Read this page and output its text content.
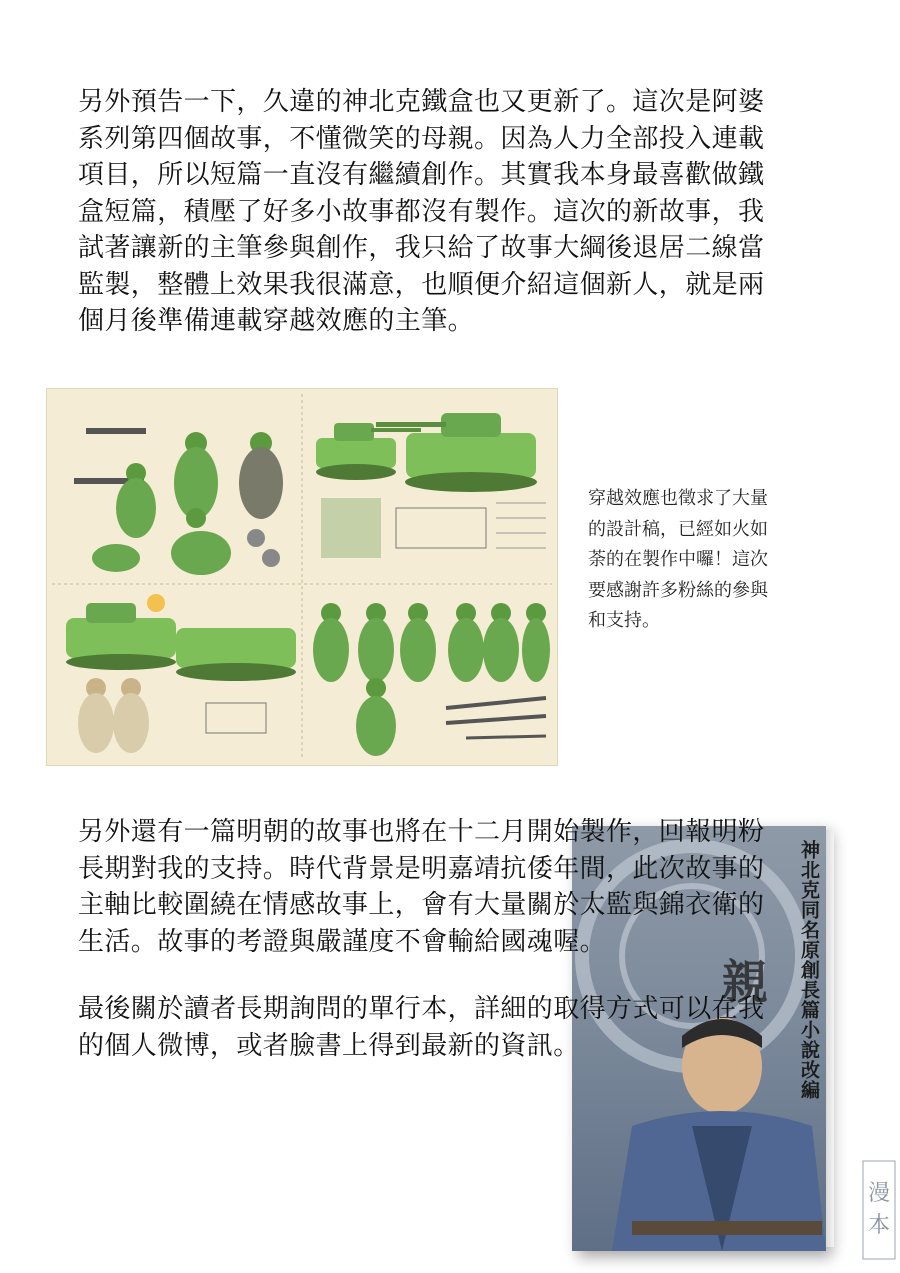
另外預告一下，久違的神北克鐵盒也又更新了。這次是阿婆
系列第四個故事，不懂微笑的母親。因為人力全部投入連載
項目，所以短篇一直沒有繼續創作。其實我本身最喜歡做鐵
盒短篇，積壓了好多小故事都沒有製作。這次的新故事，我
試著讓新的主筆參與創作，我只給了故事大綱後退居二線當
監製，整體上效果我很滿意，也順便介紹這個新人，就是兩
個月後準備連載穿越效應的主筆。

穿越效應也徵求了大量
的設計稿，已經如火如
荼的在製作中囉！這次
要感謝許多粉絲的參與
和支持。

親 神北克同名原創長篇小說改編

另外還有一篇明朝的故事也將在十二月開始製作，回報明粉
長期對我的支持。時代背景是明嘉靖抗倭年間，此次故事的
主軸比較圍繞在情感故事上，會有大量關於太監與錦衣衛的
生活。故事的考證與嚴謹度不會輸給國魂喔。

最後關於讀者長期詢問的單行本，詳細的取得方式可以在我
的個人微博，或者臉書上得到最新的資訊。

漫
本
